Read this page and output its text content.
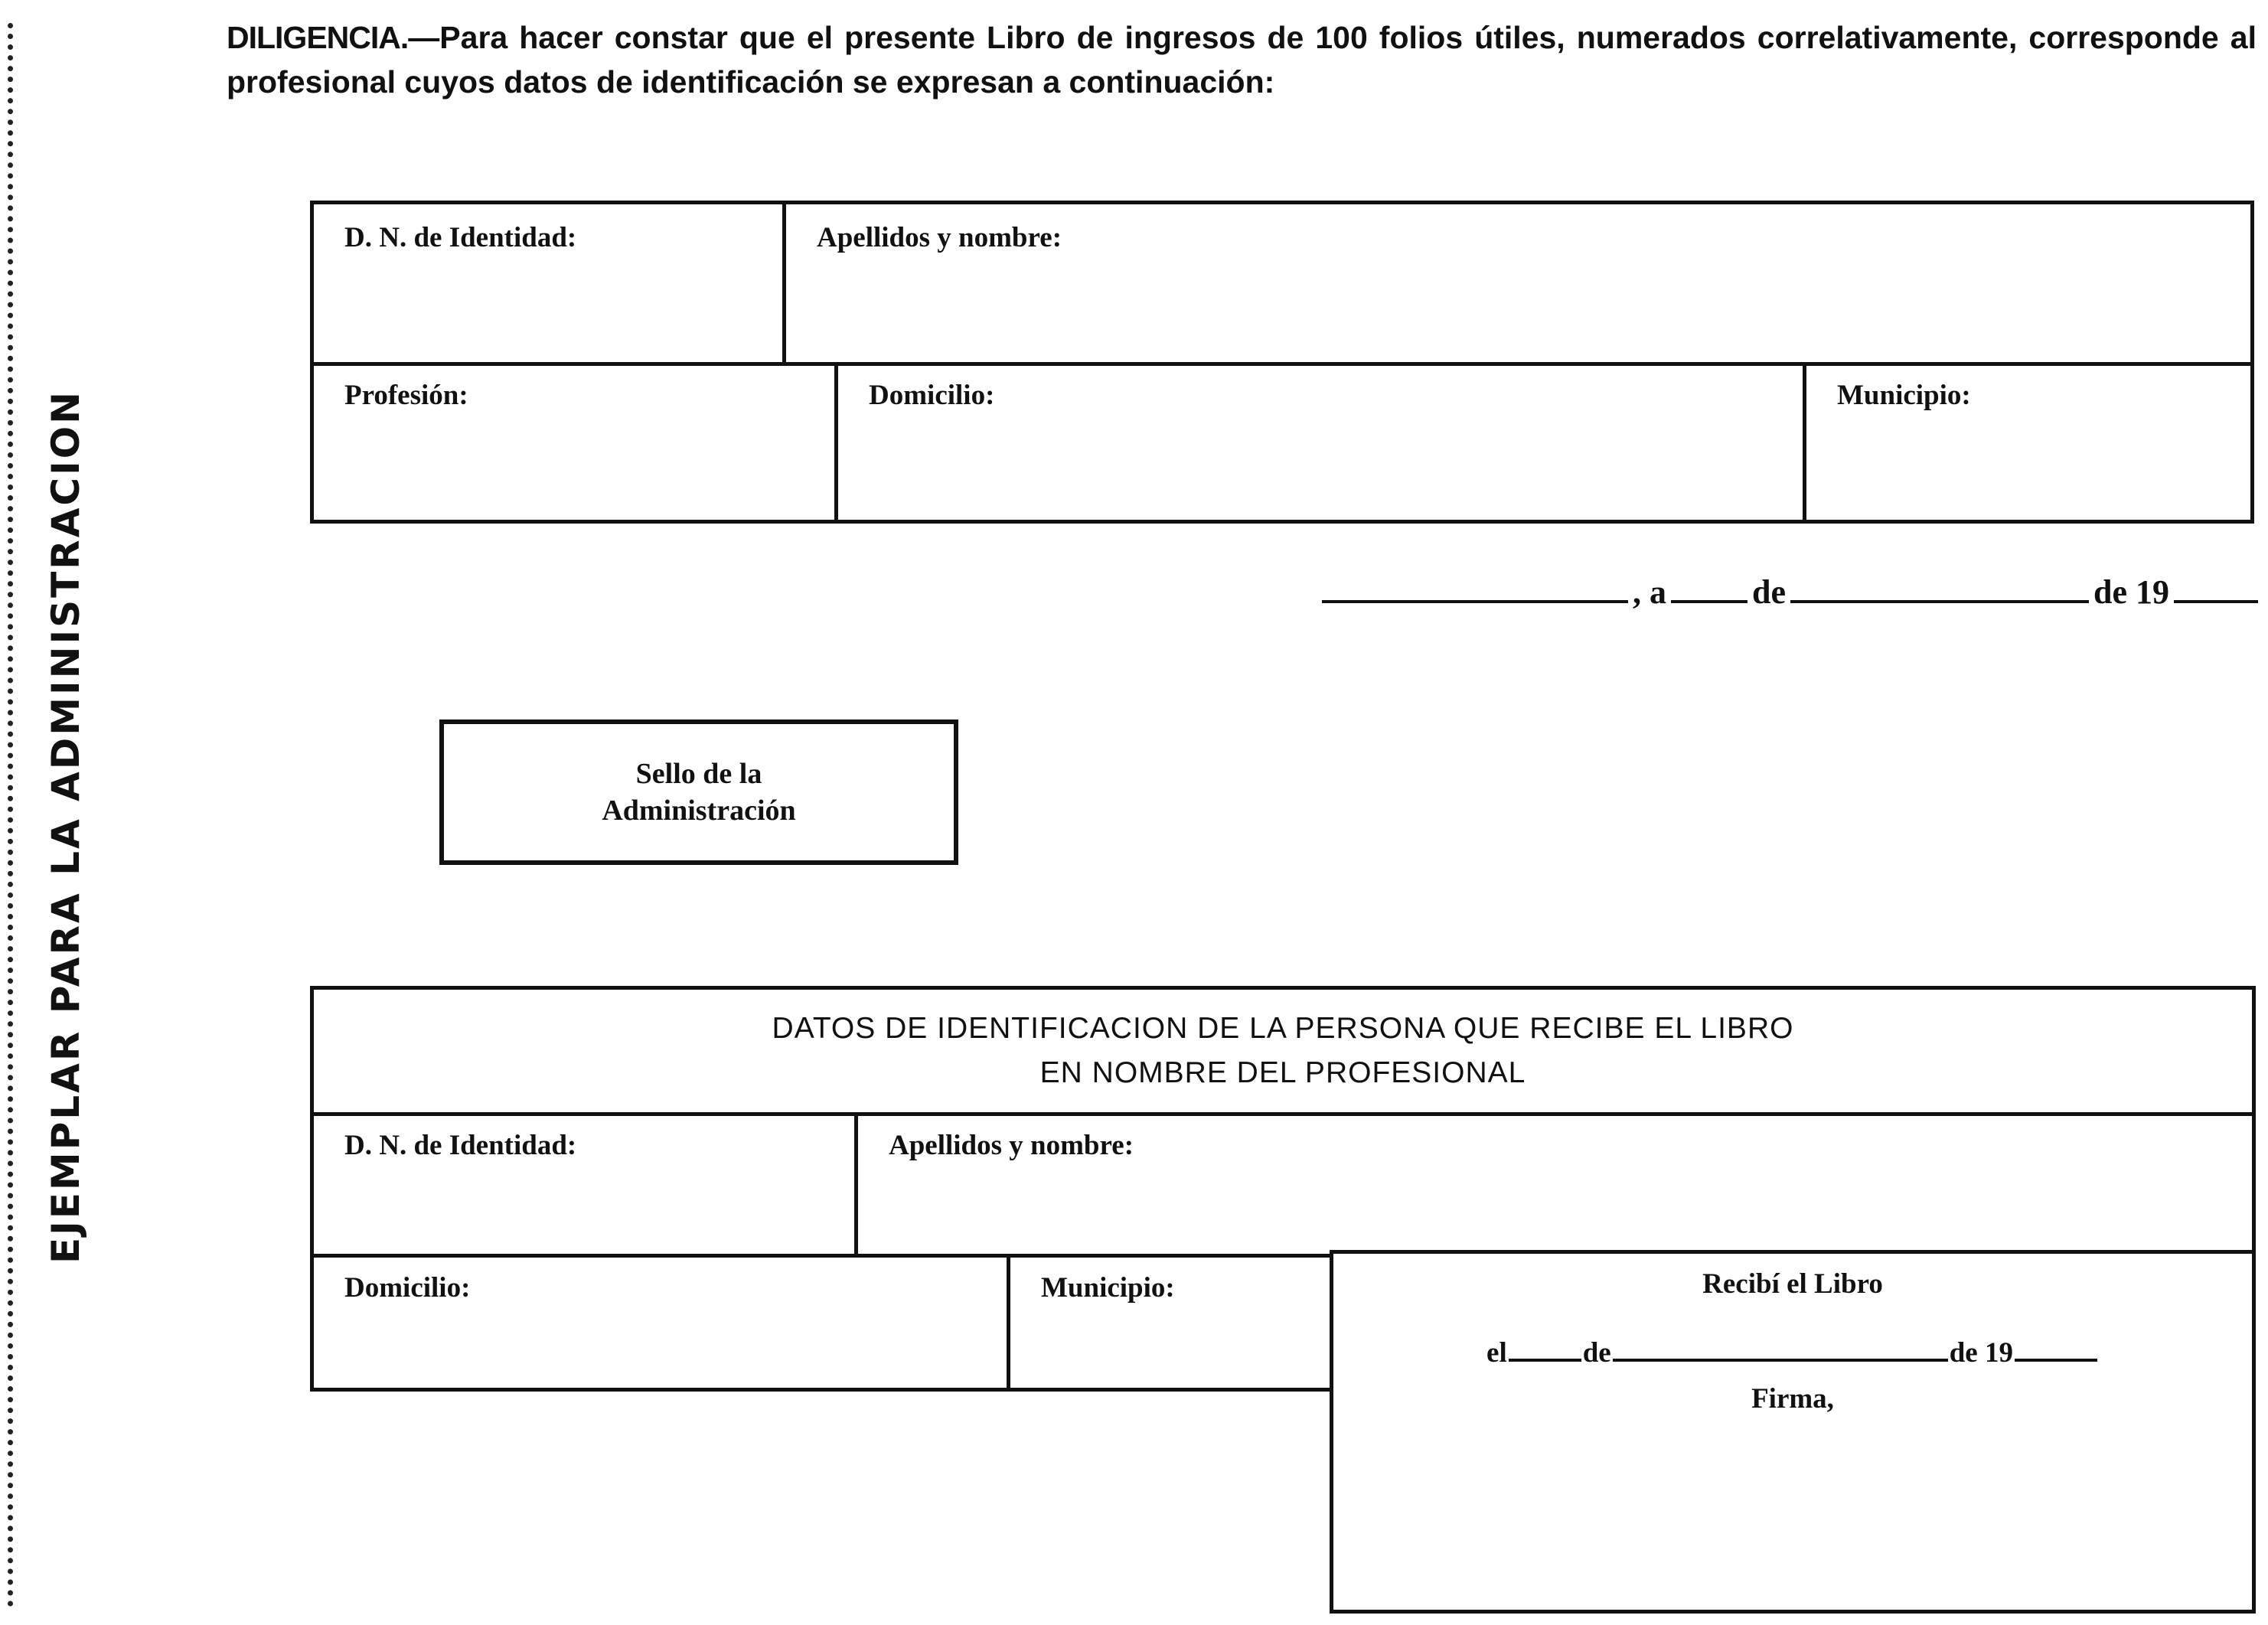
EJEMPLAR PARA LA ADMINISTRACION
DILIGENCIA.—Para hacer constar que el presente Libro de ingresos de 100 folios útiles, numerados correlativamente, corresponde al profesional cuyos datos de identificación se expresan a continuación:
D. N. de Identidad:	Apellidos y nombre:
Profesión:	Domicilio:	Municipio:
, a	de	de 19
Sello de la
Administración
DATOS DE IDENTIFICACION DE LA PERSONA QUE RECIBE EL LIBRO
EN NOMBRE DEL PROFESIONAL
D. N. de Identidad:	Apellidos y nombre:
Domicilio:	Municipio:	Recibí el Libro
el	de	de 19
Firma,
